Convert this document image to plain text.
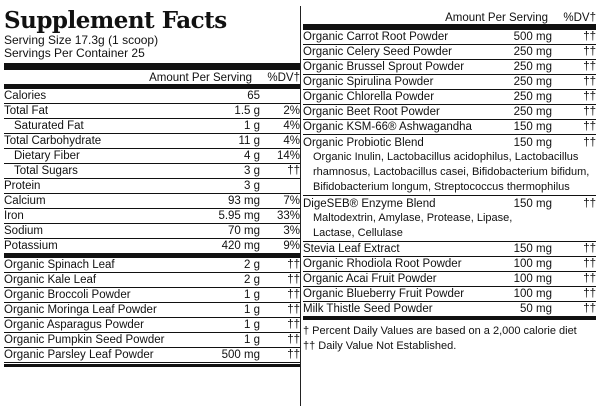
Supplement Facts
Serving Size 17.3g (1 scoop)
Servings Per Container 25
Amount Per Serving	%DV†
Calories	65
Total Fat	1.5 g	2%
Saturated Fat	1 g	4%
Total Carbohydrate	11 g	4%
Dietary Fiber	4 g	14%
Total Sugars	3 g	††
Protein	3 g
Calcium	93 mg	7%
Iron	5.95 mg	33%
Sodium	70 mg	3%
Potassium	420 mg	9%
Organic Spinach Leaf	2 g	††
Organic Kale Leaf	2 g	††
Organic Broccoli Powder	1 g	††
Organic Moringa Leaf Powder	1 g	††
Organic Asparagus Powder	1 g	††
Organic Pumpkin Seed Powder	1 g	††
Organic Parsley Leaf Powder	500 mg	††
Amount Per Serving	%DV†
Organic Carrot Root Powder	500 mg	††
Organic Celery Seed Powder	250 mg	††
Organic Brussel Sprout Powder	250 mg	††
Organic Spirulina Powder	250 mg	††
Organic Chlorella Powder	250 mg	††
Organic Beet Root Powder	250 mg	††
Organic KSM-66® Ashwagandha	150 mg	††
Organic Probiotic Blend	150 mg	††
Organic Inulin, Lactobacillus acidophilus, Lactobacillus
rhamnosus, Lactobacillus casei, Bifidobacterium bifidum,
Bifidobacterium longum, Streptococcus thermophilus
DigeSEB® Enzyme Blend	150 mg	††
Maltodextrin, Amylase, Protease, Lipase,
Lactase, Cellulase
Stevia Leaf Extract	150 mg	††
Organic Rhodiola Root Powder	100 mg	††
Organic Acai Fruit Powder	100 mg	††
Organic Blueberry Fruit Powder	100 mg	††
Milk Thistle Seed Powder	50 mg	††
† Percent Daily Values are based on a 2,000 calorie diet
†† Daily Value Not Established.
